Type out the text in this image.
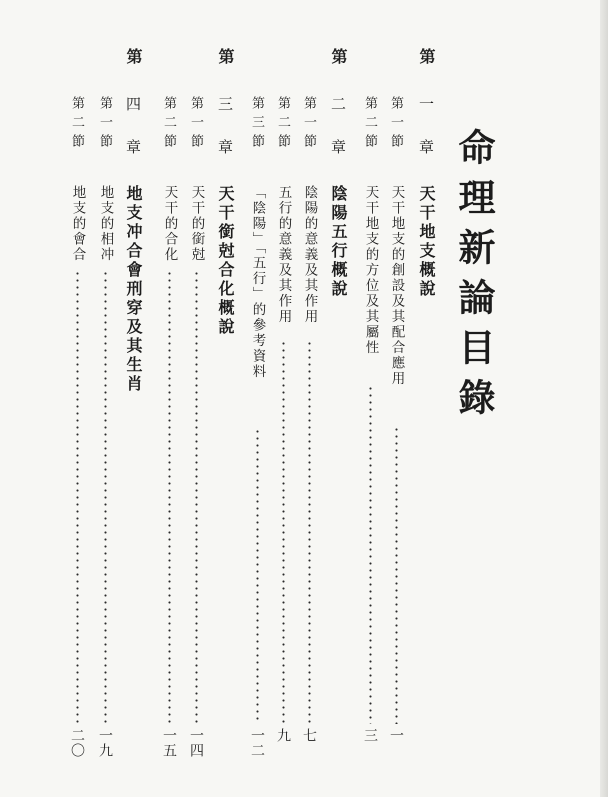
命理新論目錄
第
一 章
天干地支概說
第一節
天干地支的創設及其配合應用
一
第二節
天干地支的方位及其屬性
三
第
二 章
陰陽五行概說
第一節
陰陽的意義及其作用
七
第二節
五行的意義及其作用
九
第三節
「陰陽」「五行」的參考資料
一二
第
三 章
天干銜尅合化概說
第一節
天干的銜尅
一四
第二節
天干的合化
一五
第
四 章
地支冲合會刑穿及其生肖
第一節
地支的相冲
一九
第二節
地支的會合
二〇
